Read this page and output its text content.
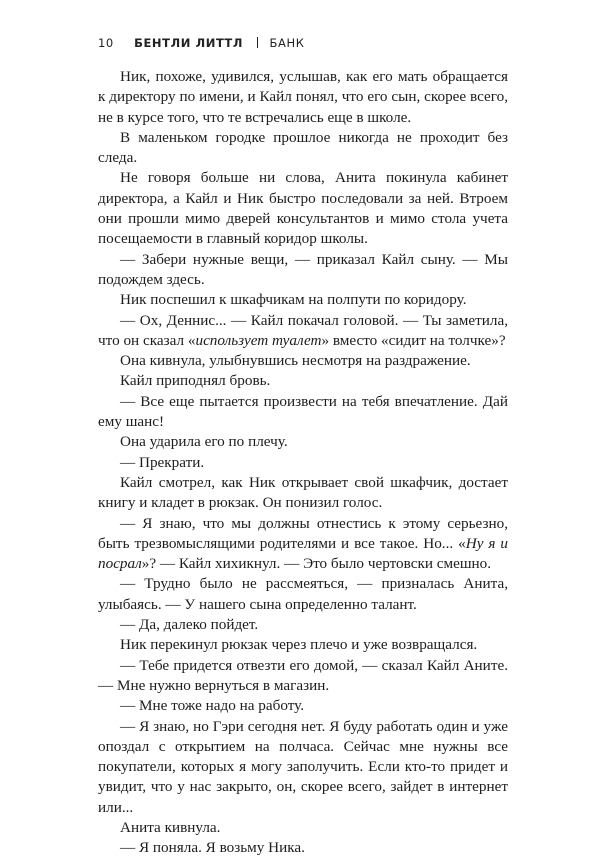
10 БЕНТЛИ ЛИТТЛ БАНК

Ник, похоже, удивился, услышав, как его мать обращается к директору по имени, и Кайл понял, что его сын, скорее всего, не в курсе того, что те встречались еще в школе.

В маленьком городке прошлое никогда не проходит без следа.

Не говоря больше ни слова, Анита покинула кабинет директора, а Кайл и Ник быстро последовали за ней. Втроем они прошли мимо дверей консультантов и мимо стола учета посещаемости в главный коридор школы.

— Забери нужные вещи, — приказал Кайл сыну. — Мы подождем здесь.

Ник поспешил к шкафчикам на полпути по коридору.

— Ох, Деннис... — Кайл покачал головой. — Ты заметила, что он сказал «использует туалет» вместо «сидит на толчке»?

Она кивнула, улыбнувшись несмотря на раздражение.

Кайл приподнял бровь.

— Все еще пытается произвести на тебя впечатление. Дай ему шанс!

Она ударила его по плечу.

— Прекрати.

Кайл смотрел, как Ник открывает свой шкафчик, достает книгу и кладет в рюкзак. Он понизил голос.

— Я знаю, что мы должны отнестись к этому серьезно, быть трезвомыслящими родителями и все такое. Но... «Ну я и посрал»? — Кайл хихикнул. — Это было чертовски смешно.

— Трудно было не рассмеяться, — призналась Анита, улыбаясь. — У нашего сына определенно талант.

— Да, далеко пойдет.

Ник перекинул рюкзак через плечо и уже возвращался.

— Тебе придется отвезти его домой, — сказал Кайл Аните. — Мне нужно вернуться в магазин.

— Мне тоже надо на работу.

— Я знаю, но Гэри сегодня нет. Я буду работать один и уже опоздал с открытием на полчаса. Сейчас мне нужны все покупатели, которых я могу заполучить. Если кто-то придет и увидит, что у нас закрыто, он, скорее всего, зайдет в интернет или...

Анита кивнула.

— Я поняла. Я возьму Ника.
